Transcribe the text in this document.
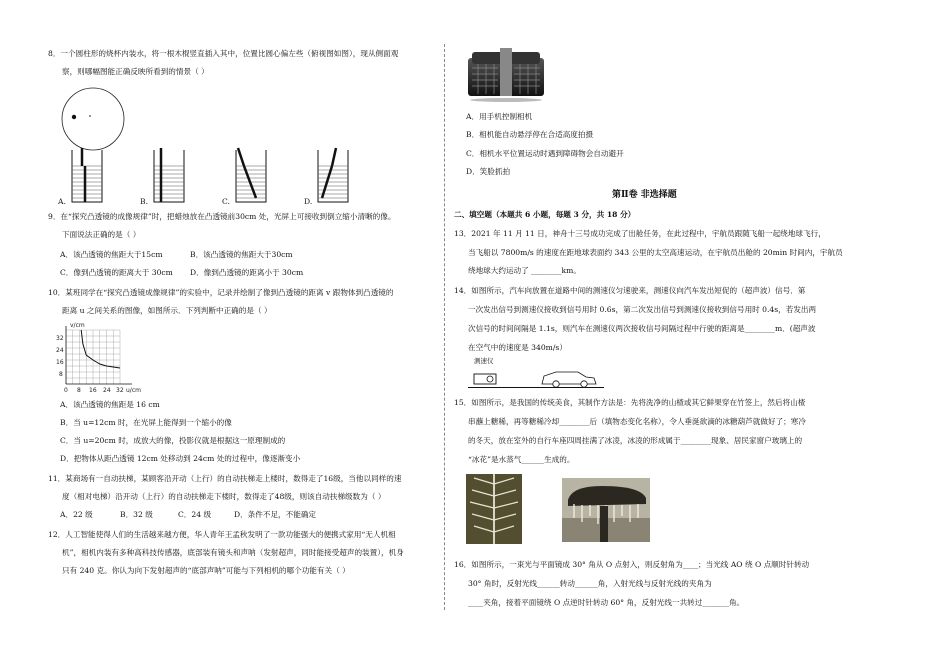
8．一个圆柱形的烧杯内装水，将一根木棍竖直插入其中，位置比圆心偏左些（俯视图如图），现从侧面观
察，则哪幅图能正确反映所看到的情景（ ）
A.	B.	C.	D.
9．在“探究凸透镜的成像规律”时，把蜡烛放在凸透镜前30cm 处，光屏上可接收到倒立缩小清晰的像。
下面说法正确的是（ ）
A．该凸透镜的焦距大于15cm	B．该凸透镜的焦距大于30cm
C．像到凸透镜的距离大于 30cm D．像到凸透镜的距离小于 30cm
10．某班同学在“探究凸透镜成像规律”的实验中，记录并绘制了像到凸透镜的距离 v 跟物体到凸透镜的
距离 u 之间关系的图像，如图所示．下列判断中正确的是（ ）
v/cm
u/cm
0 8 16 24 32
8
16
24
32
A．该凸透镜的焦距是 16 cm
B．当 u=12cm 时，在光屏上能得到一个缩小的像
C．当 u=20cm 时，成放大的像，投影仪就是根据这一原理制成的
D．把物体从距凸透镜 12cm 处移动到 24cm 处的过程中，像逐渐变小
11．某商场有一自动扶梯，某顾客沿开动（上行）的自动扶梯走上楼时，数得走了16级，当他以同样的速
度（相对电梯）沿开动（上行）的自动扶梯走下楼时，数得走了48级，则该自动扶梯级数为（ ）
A．22 级	B．32 级	C．24 级	D．条件不足，不能确定
12．人工智能使得人们的生活越来越方便，华人青年王孟秋发明了一款功能强大的便携式家用“无人机相
机”，相机内装有多种高科技传感器，底部装有镜头和声呐（发射超声，同时能接受超声的装置），机身
只有 240 克。你认为向下发射超声的“底部声呐”可能与下列相机的哪个功能有关（ ）
A．用手机控制相机
B．相机能自动悬浮停在合适高度拍摄
C．相机水平位置运动时遇到障碍物会自动避开
D．笑脸抓拍
第Ⅱ卷 非选择题
二、填空题（本题共 6 小题，每题 3 分，共 18 分）
13．2021 年 11 月 11 日，神舟十三号成功完成了出舱任务，在此过程中，宇航员跟随飞船一起绕地球飞行，
当飞船以 7800m/s 的速度在距地球表面约 343 公里的太空高速运动，在宇航员出舱的 20min 时间内，宇航员
绕地球大约运动了 ________km。
14．如图所示，汽车向放置在道路中间的测速仪匀速驶来，测速仪向汽车发出短促的（超声波）信号．第
一次发出信号到测速仪接收到信号用时 0.6s，第二次发出信号到测速仪接收到信号用时 0.4s，若发出两
次信号的时间间隔是 1.1s，则汽车在测速仪两次接收信号间隔过程中行驶的距离是________m．(超声波
在空气中的速度是 340m/s）
测速仪
15．如图所示，是我国的传统美食，其制作方法是：先将洗净的山楂或其它鲜果穿在竹签上，然后将山楂
串蘸上糖稀，再等糖稀冷却________后（填物态变化名称），令人垂涎欲滴的冰糖葫芦就做好了；寒冷
的冬天，放在室外的自行车座四周挂满了冰凌，冰凌的形成属于________现象、居民家窗户玻璃上的
“冰花”是水蒸气______生成的。
16．如图所示，一束光与平面镜成 30° 角从 O 点射入，则反射角为____；当光线 AO 绕 O 点顺时针转动
30° 角时，反射光线______转动______角，入射光线与反射光线的夹角为
____夹角，接着平面镜绕 O 点逆时针转动 60° 角，反射光线一共转过_______角。
